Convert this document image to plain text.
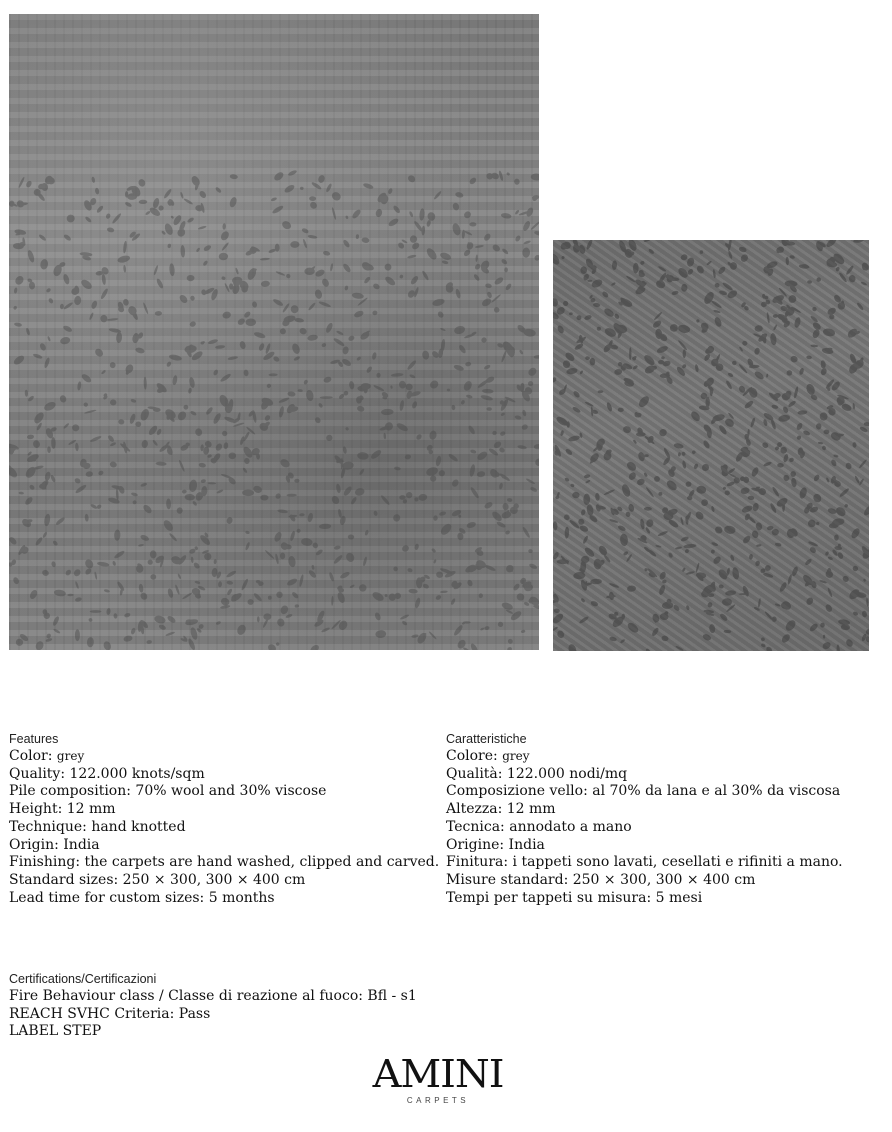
Features
Color: grey
Quality: 122.000 knots/sqm
Pile composition: 70% wool and 30% viscose
Height: 12 mm
Technique: hand knotted
Origin: India
Finishing: the carpets are hand washed, clipped and carved.
Standard sizes: 250 × 300, 300 × 400 cm
Lead time for custom sizes: 5 months
Caratteristiche
Colore: grey
Qualità: 122.000 nodi/mq
Composizione vello: al 70% da lana e al 30% da viscosa
Altezza: 12 mm
Tecnica: annodato a mano
Origine: India
Finitura: i tappeti sono lavati, cesellati e rifiniti a mano.
Misure standard: 250 × 300, 300 × 400 cm
Tempi per tappeti su misura: 5 mesi
Certifications/Certificazioni
Fire Behaviour class / Classe di reazione al fuoco: Bfl - s1
REACH SVHC Criteria: Pass
LABEL STEP
AMINI
CARPETS
